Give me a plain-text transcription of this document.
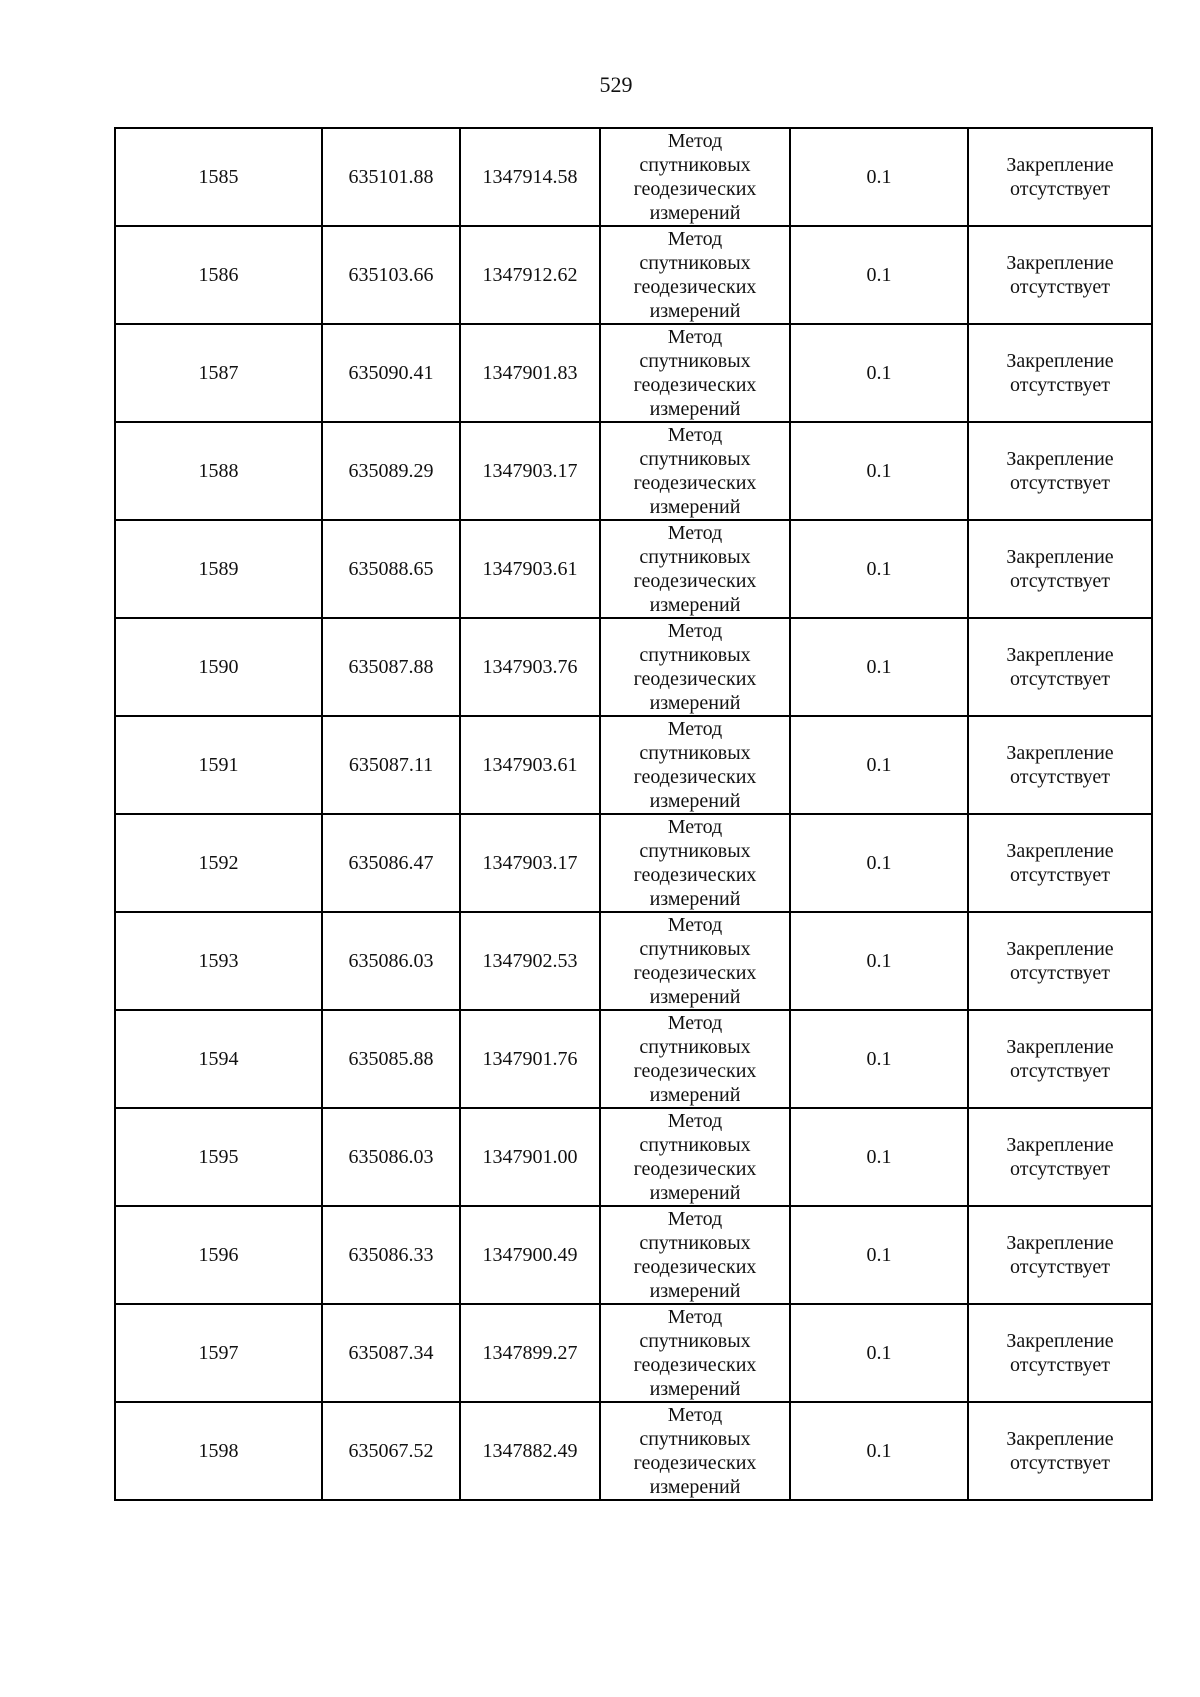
529
1585	635101.88	1347914.58	Метод
спутниковых
геодезических
измерений	0.1	Закрепление
отсутствует
1586	635103.66	1347912.62	Метод
спутниковых
геодезических
измерений	0.1	Закрепление
отсутствует
1587	635090.41	1347901.83	Метод
спутниковых
геодезических
измерений	0.1	Закрепление
отсутствует
1588	635089.29	1347903.17	Метод
спутниковых
геодезических
измерений	0.1	Закрепление
отсутствует
1589	635088.65	1347903.61	Метод
спутниковых
геодезических
измерений	0.1	Закрепление
отсутствует
1590	635087.88	1347903.76	Метод
спутниковых
геодезических
измерений	0.1	Закрепление
отсутствует
1591	635087.11	1347903.61	Метод
спутниковых
геодезических
измерений	0.1	Закрепление
отсутствует
1592	635086.47	1347903.17	Метод
спутниковых
геодезических
измерений	0.1	Закрепление
отсутствует
1593	635086.03	1347902.53	Метод
спутниковых
геодезических
измерений	0.1	Закрепление
отсутствует
1594	635085.88	1347901.76	Метод
спутниковых
геодезических
измерений	0.1	Закрепление
отсутствует
1595	635086.03	1347901.00	Метод
спутниковых
геодезических
измерений	0.1	Закрепление
отсутствует
1596	635086.33	1347900.49	Метод
спутниковых
геодезических
измерений	0.1	Закрепление
отсутствует
1597	635087.34	1347899.27	Метод
спутниковых
геодезических
измерений	0.1	Закрепление
отсутствует
1598	635067.52	1347882.49	Метод
спутниковых
геодезических
измерений	0.1	Закрепление
отсутствует
